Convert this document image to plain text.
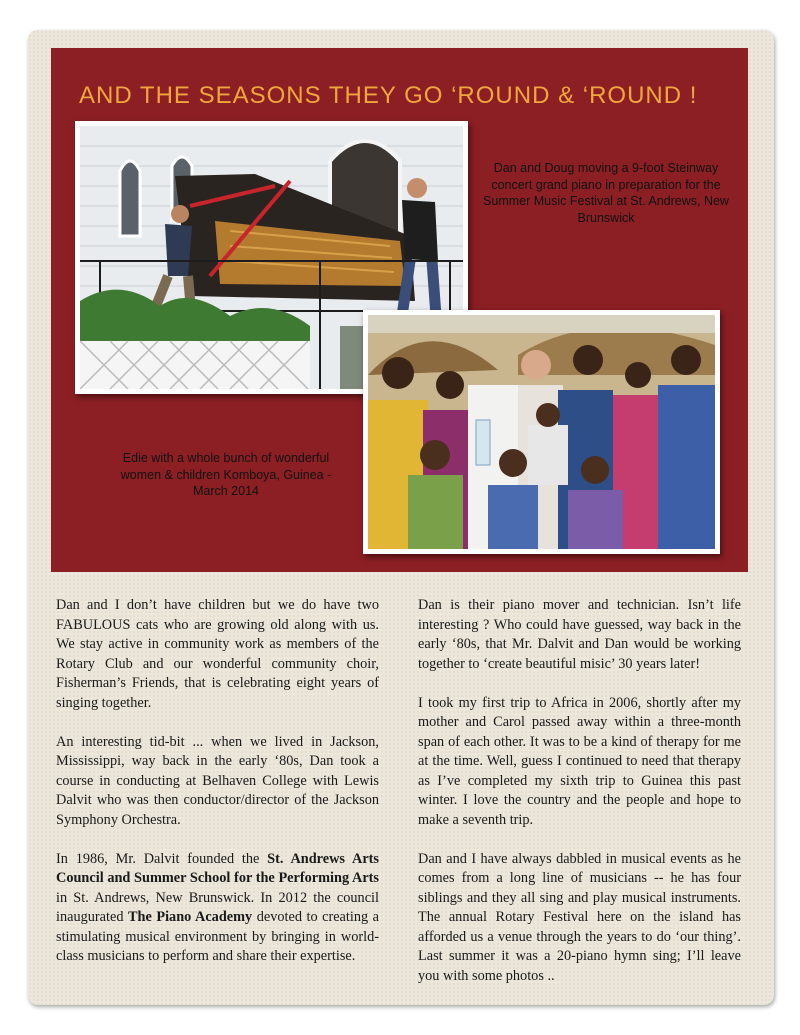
AND THE SEASONS THEY GO ‘ROUND & ‘ROUND !
Dan and Doug moving a 9-foot Steinway concert grand piano in preparation for the Summer Music Festival at St. Andrews, New Brunswick
Edie with a whole bunch of wonderful women & children Komboya, Guinea - March 2014

Dan and I don’t have children but we do have two FABULOUS cats who are growing old along with us. We stay active in community work as members of the Rotary Club and our wonderful community choir, Fisherman’s Friends, that is celebrating eight years of singing together.

An interesting tid-bit ... when we lived in Jackson, Mississippi, way back in the early ‘80s, Dan took a course in conducting at Belhaven College with Lewis Dalvit who was then conductor/director of the Jackson Symphony Orchestra.

In 1986, Mr. Dalvit founded the St. Andrews Arts Council and Summer School for the Performing Arts in St. Andrews, New Brunswick. In 2012 the council inaugurated The Piano Academy devoted to creating a stimulating musical environment by bringing in world-class musicians to perform and share their expertise.

Dan is their piano mover and technician. Isn’t life interesting ? Who could have guessed, way back in the early ‘80s, that Mr. Dalvit and Dan would be working together to ‘create beautiful misic’ 30 years later!

I took my first trip to Africa in 2006, shortly after my mother and Carol passed away within a three-month span of each other. It was to be a kind of therapy for me at the time. Well, guess I continued to need that therapy as I’ve completed my sixth trip to Guinea this past winter. I love the country and the people and hope to make a seventh trip.

Dan and I have always dabbled in musical events as he comes from a long line of musicians -- he has four siblings and they all sing and play musical instruments. The annual Rotary Festival here on the island has afforded us a venue through the years to do ‘our thing’. Last summer it was a 20-piano hymn sing; I’ll leave you with some photos ..
